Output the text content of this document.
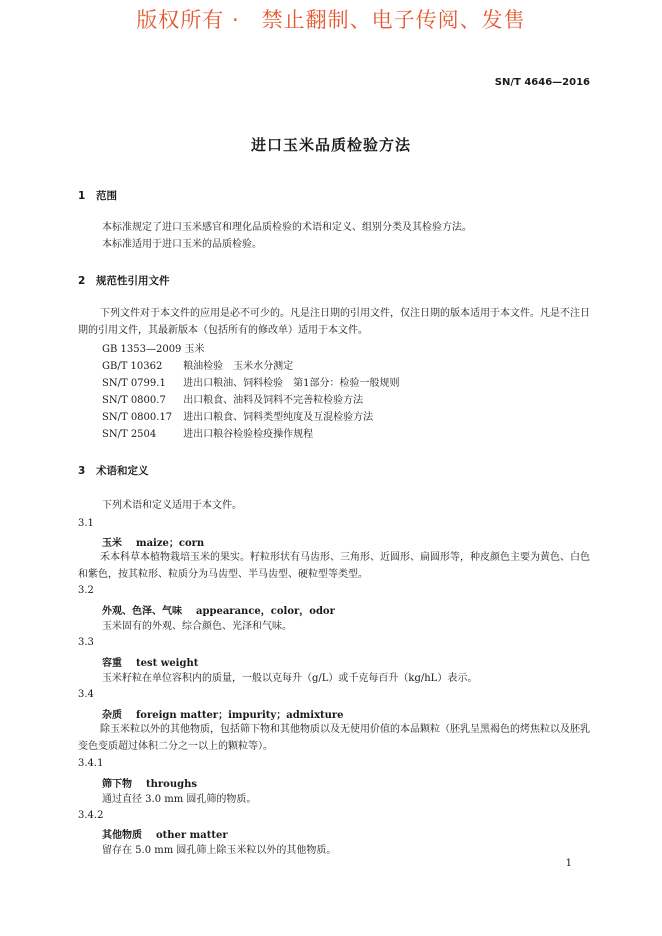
版权所有 ·　禁止翻制、电子传阅、发售
SN/T 4646—2016
进口玉米品质检验方法
1 范围
本标准规定了进口玉米感官和理化品质检验的术语和定义、组别分类及其检验方法。
本标准适用于进口玉米的品质检验。
2 规范性引用文件
下列文件对于本文件的应用是必不可少的。凡是注日期的引用文件，仅注日期的版本适用于本文件。凡是不注日期的引用文件，其最新版本（包括所有的修改单）适用于本文件。
GB 1353—2009 玉米
GB/T 10362 粮油检验　玉米水分测定
SN/T 0799.1 进出口粮油、饲料检验　第1部分：检验一般规则
SN/T 0800.7 出口粮食、油料及饲料不完善粒检验方法
SN/T 0800.17 进出口粮食、饲料类型纯度及互混检验方法
SN/T 2504	进出口粮谷检验检疫操作规程
3 术语和定义
下列术语和定义适用于本文件。
3.1
玉米 maize；corn
禾本科草本植物栽培玉米的果实。籽粒形状有马齿形、三角形、近圆形、扁圆形等，种皮颜色主要为黄色、白色和紫色，按其粒形、粒质分为马齿型、半马齿型、硬粒型等类型。
3.2
外观、色泽、气味 appearance，color，odor
玉米固有的外观、综合颜色、光泽和气味。
3.3
容重 test weight
玉米籽粒在单位容积内的质量，一般以克每升（g/L）或千克每百升（kg/hL）表示。
3.4
杂质 foreign matter；impurity；admixture
除玉米粒以外的其他物质，包括筛下物和其他物质以及无使用价值的本品颗粒（胚乳呈黑褐色的烤焦粒以及胚乳变色变质超过体积二分之一以上的颗粒等）。
3.4.1
筛下物 throughs
通过直径 3.0 mm 圆孔筛的物质。
3.4.2
其他物质 other matter
留存在 5.0 mm 圆孔筛上除玉米粒以外的其他物质。
1
